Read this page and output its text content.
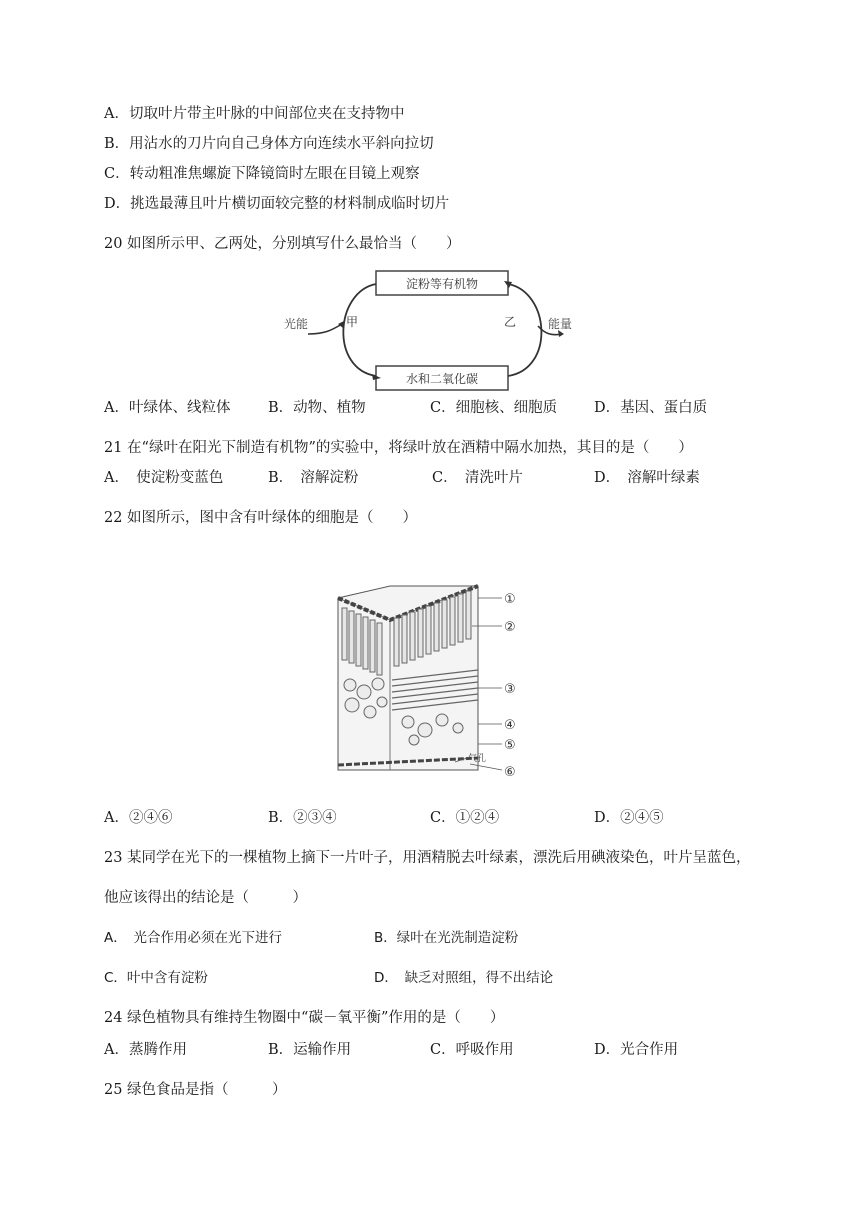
A．切取叶片带主叶脉的中间部位夹在支持物中
B．用沾水的刀片向自己身体方向连续水平斜向拉切
C．转动粗准焦螺旋下降镜筒时左眼在目镜上观察
D．挑选最薄且叶片横切面较完整的材料制成临时切片
20 如图所示甲、乙两处，分别填写什么最恰当（　　）
淀粉等有机物
水和二氧化碳
光能	能量
甲	乙
A．叶绿体、线粒体	B．动物、植物	C．细胞核、细胞质	D．基因、蛋白质
21 在“绿叶在阳光下制造有机物”的实验中，将绿叶放在酒精中隔水加热，其目的是（　　）
A．　使淀粉变蓝色	B．　溶解淀粉	C．　清洗叶片	D．　溶解叶绿素
22 如图所示，图中含有叶绿体的细胞是（　　）
①
②
③
④
⑤
⑥
气孔
A．②④⑥	B．②③④	C．①②④	D．②④⑤
23 某同学在光下的一棵植物上摘下一片叶子，用酒精脱去叶绿素，漂洗后用碘液染色，叶片呈蓝色，
他应该得出的结论是（　　　）
A．　光合作用必须在光下进行	B．绿叶在光洗制造淀粉
C．叶中含有淀粉	D．　缺乏对照组，得不出结论
24 绿色植物具有维持生物圈中“碳－氧平衡”作用的是（　　）
A．蒸腾作用	B．运输作用	C．呼吸作用	D．光合作用
25 绿色食品是指（　　　）
